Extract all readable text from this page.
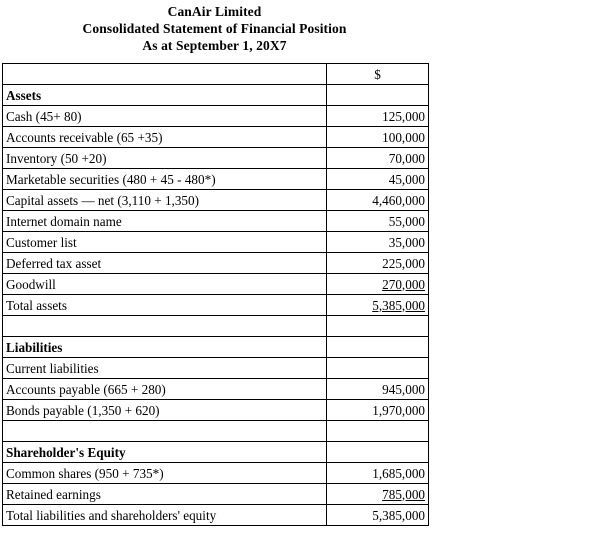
CanAir Limited
Consolidated Statement of Financial Position
As at September 1, 20X7
	$
Assets	
Cash (45+ 80)	125,000
Accounts receivable (65 +35)	100,000
Inventory (50 +20)	70,000
Marketable securities (480 + 45 - 480*)	45,000
Capital assets — net (3,110 + 1,350)	4,460,000
Internet domain name	55,000
Customer list	35,000
Deferred tax asset	225,000
Goodwill	270,000
Total assets	5,385,000

Liabilities	
Current liabilities	
Accounts payable (665 + 280)	945,000
Bonds payable (1,350 + 620)	1,970,000

Shareholder's Equity	
Common shares (950 + 735*)	1,685,000
Retained earnings	785,000
Total liabilities and shareholders' equity	5,385,000
